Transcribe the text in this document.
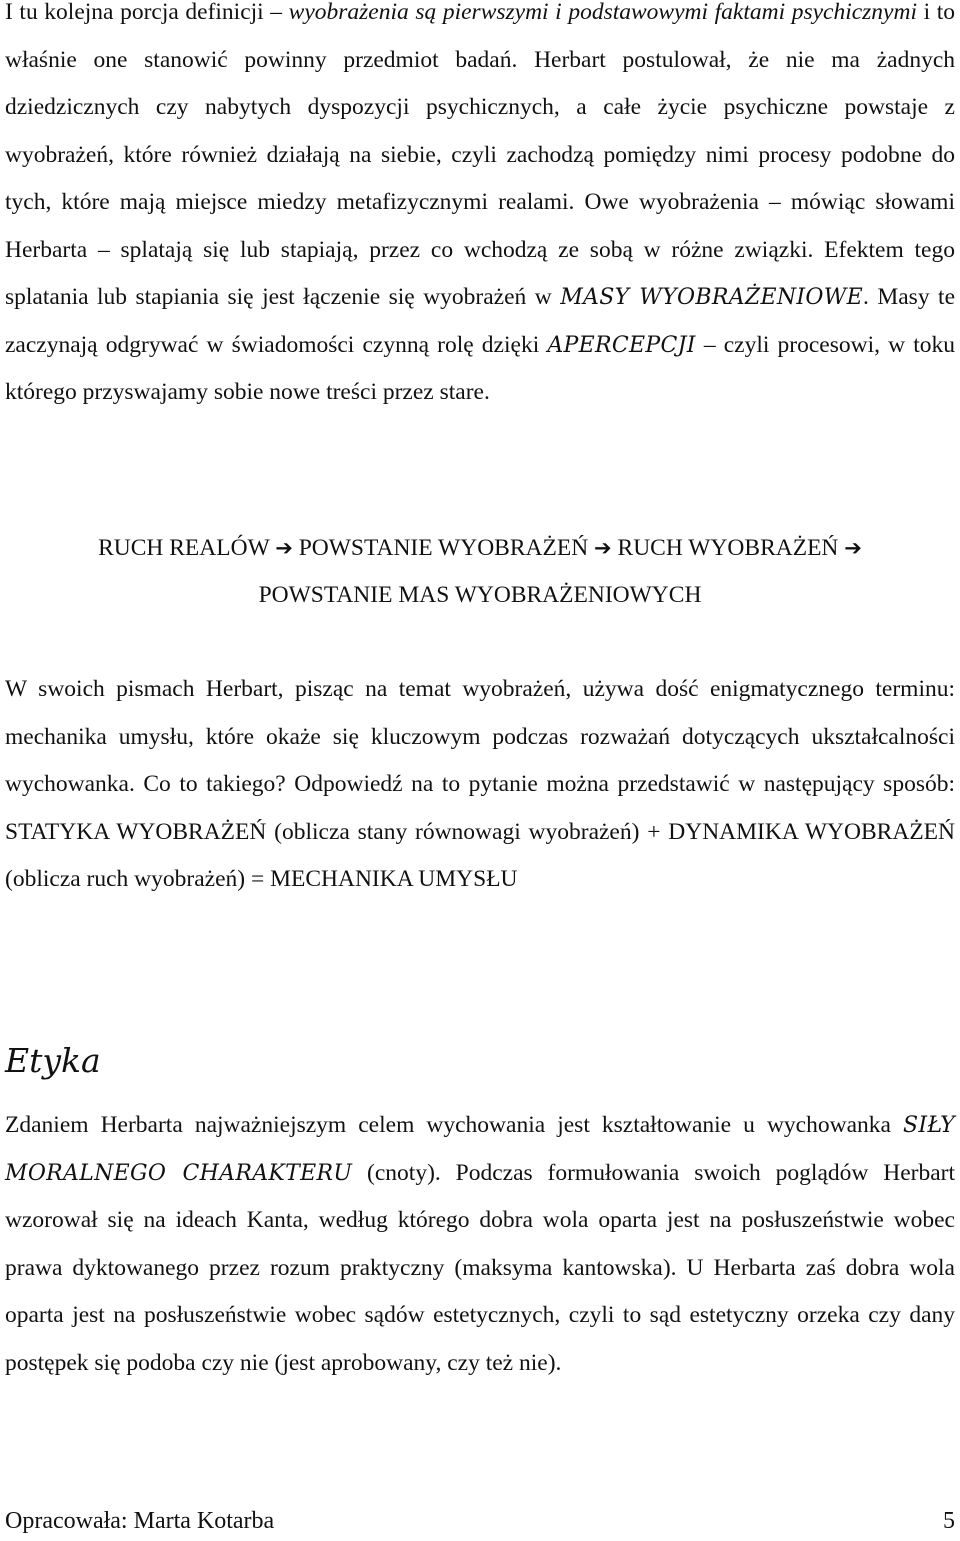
I tu kolejna porcja definicji – wyobrażenia są pierwszymi i podstawowymi faktami psychicznymi i to właśnie one stanowić powinny przedmiot badań. Herbart postulował, że nie ma żadnych dziedzicznych czy nabytych dyspozycji psychicznych, a całe życie psychiczne powstaje z wyobrażeń, które również działają na siebie, czyli zachodzą pomiędzy nimi procesy podobne do tych, które mają miejsce miedzy metafizycznymi realami. Owe wyobrażenia – mówiąc słowami Herbarta – splatają się lub stapiają, przez co wchodzą ze sobą w różne związki. Efektem tego splatania lub stapiania się jest łączenie się wyobrażeń w MASY WYOBRAŻENIOWE. Masy te zaczynają odgrywać w świadomości czynną rolę dzięki APERCEPCJI – czyli procesowi, w toku którego przyswajamy sobie nowe treści przez stare.

RUCH REALÓW ➔ POWSTANIE WYOBRAŻEŃ ➔ RUCH WYOBRAŻEŃ ➔

POWSTANIE MAS WYOBRAŻENIOWYCH

W swoich pismach Herbart, pisząc na temat wyobrażeń, używa dość enigmatycznego terminu: mechanika umysłu, które okaże się kluczowym podczas rozważań dotyczących ukształcalności wychowanka. Co to takiego? Odpowiedź na to pytanie można przedstawić w następujący sposób: STATYKA WYOBRAŻEŃ (oblicza stany równowagi wyobrażeń) + DYNAMIKA WYOBRAŻEŃ (oblicza ruch wyobrażeń) = MECHANIKA UMYSŁU

Etyka

Zdaniem Herbarta najważniejszym celem wychowania jest kształtowanie u wychowanka SIŁY MORALNEGO CHARAKTERU (cnoty). Podczas formułowania swoich poglądów Herbart wzorował się na ideach Kanta, według którego dobra wola oparta jest na posłuszeństwie wobec prawa dyktowanego przez rozum praktyczny (maksyma kantowska). U Herbarta zaś dobra wola oparta jest na posłuszeństwie wobec sądów estetycznych, czyli to sąd estetyczny orzeka czy dany postępek się podoba czy nie (jest aprobowany, czy też nie).

Opracowała: Marta Kotarba	5
